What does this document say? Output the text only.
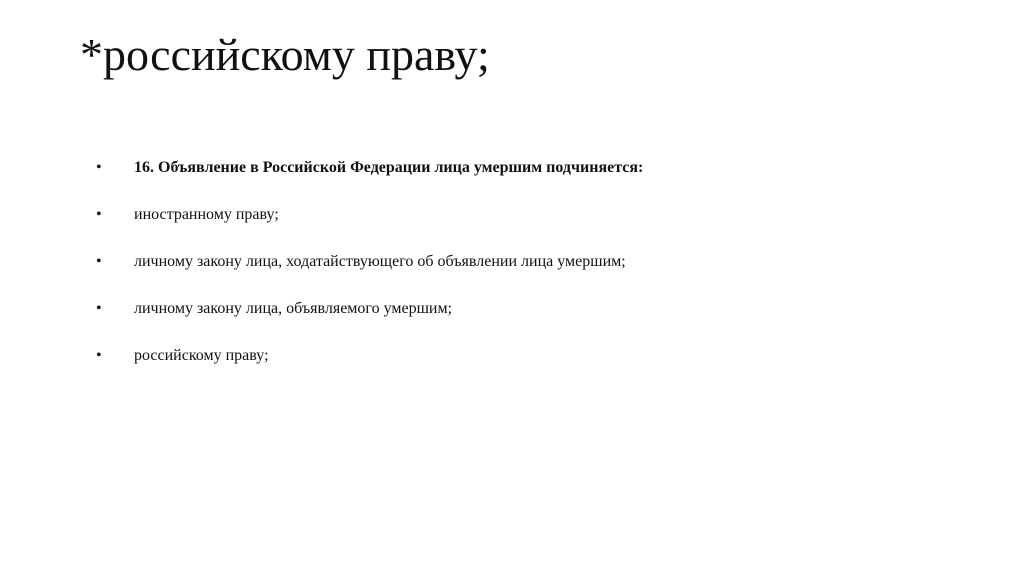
*российскому праву;
•	16. Объявление в Российской Федерации лица умершим подчиняется:
•	иностранному праву;
•	личному закону лица, ходатайствующего об объявлении лица умершим;
•	личному закону лица, объявляемого умершим;
•	российскому праву;
